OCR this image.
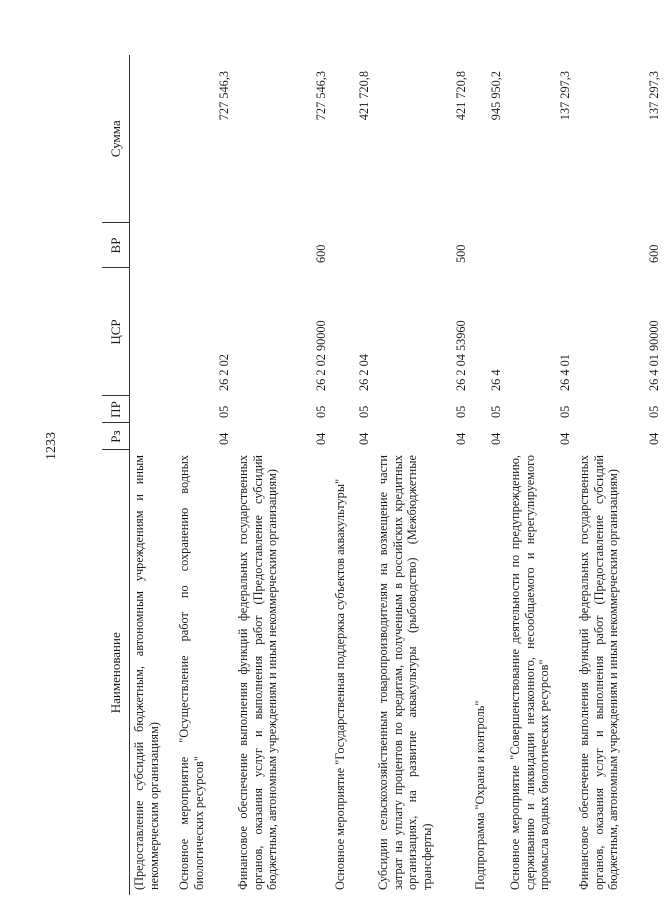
1233
Наименование	Рз	ПР	ЦСР	ВР	Сумма
(Предоставление субсидий бюджетным, автономным учреждениям и иным некоммерческим организациям)					
Основное мероприятие "Осуществление работ по сохранению водных биологических ресурсов"	04	05	26 2 02		727 546,3
Финансовое обеспечение выполнения функций федеральных государственных органов, оказания услуг и выполнения работ (Предоставление субсидий бюджетным, автономным учреждениям и иным некоммерческим организациям)	04	05	26 2 02 90000	600	727 546,3
Основное мероприятие "Государственная поддержка субъектов аквакультуры"	04	05	26 2 04		421 720,8
Субсидии сельскохозяйственным товаропроизводителям на возмещение части затрат на уплату процентов по кредитам, полученным в российских кредитных организациях, на развитие аквакультуры (рыбоводство) (Межбюджетные трансферты)	04	05	26 2 04 53960	500	421 720,8
Подпрограмма "Охрана и контроль"	04	05	26 4		945 950,2
Основное мероприятие "Совершенствование деятельности по предупреждению, сдерживанию и ликвидации незаконного, несообщаемого и нерегулируемого промысла водных биологических ресурсов"	04	05	26 4 01		137 297,3
Финансовое обеспечение выполнения функций федеральных государственных органов, оказания услуг и выполнения работ (Предоставление субсидий бюджетным, автономным учреждениям и иным некоммерческим организациям)	04	05	26 4 01 90000	600	137 297,3
